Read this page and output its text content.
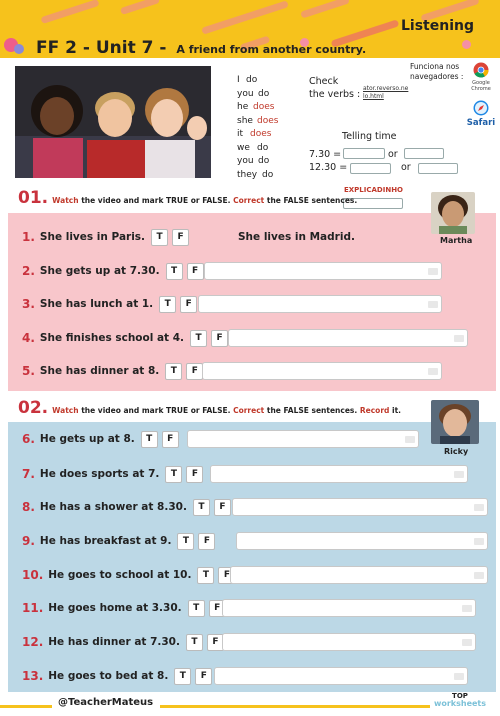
FF 2 - Unit 7 - A friend from another country.
Listening
I do
you do
he does
she does
it does
we do
you do
they do
Check
the verbs :
ator.reverso.ne
lo.html
Funciona nos
navegadores :
Google
Chrome
Safari
Telling time
7.30 =	or
12.30 =	or
EXPLICADINHO
01. Watch the video and mark TRUE or FALSE. Correct the FALSE sentences.
Martha
1. She lives in Paris.	T	F	She lives in Madrid.
2. She gets up at 7.30.	T	F
3. She has lunch at 1.	T	F
4. She finishes school at 4.	T	F
5. She has dinner at 8.	T	F
02. Watch the video and mark TRUE or FALSE. Correct the FALSE sentences. Record it.
Ricky
6. He gets up at 8.	T	F
7. He does sports at 7.	T	F
8. He has a shower at 8.30.	T	F
9. He has breakfast at 9.	T	F
10. He goes to school at 10.	T	F
11. He goes home at 3.30.	T	F
12. He has dinner at 7.30.	T	F
13. He goes to bed at 8.	T	F
@TeacherMateus
TOP
worksheets
